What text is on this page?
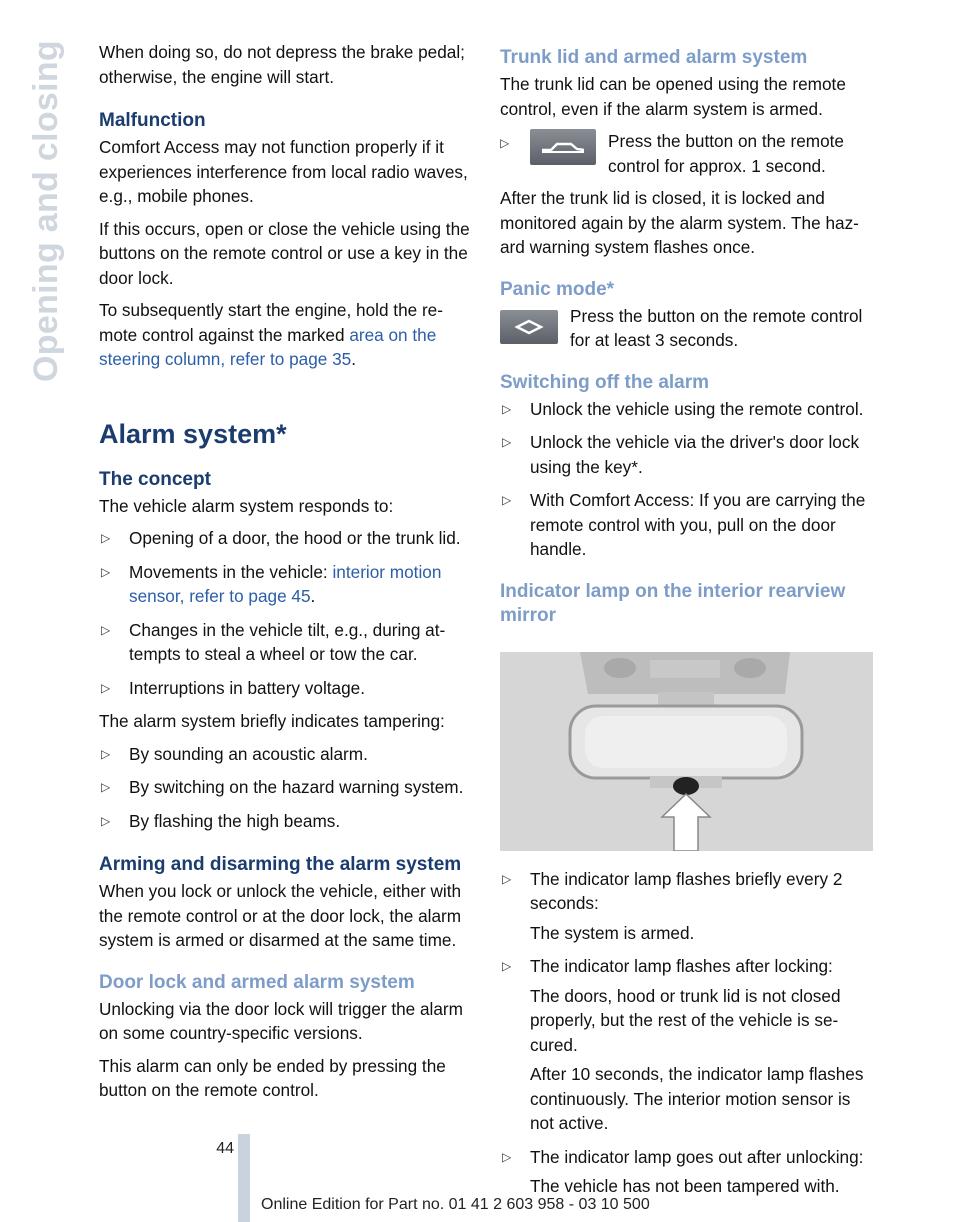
Opening and closing When doing so, do not depress the brake pedal; otherwise, the engine will start.

Malfunction

Comfort Access may not function properly if it experiences interference from local radio waves, e.g., mobile phones.

If this occurs, open or close the vehicle using the buttons on the remote control or use a key in the door lock.

To subsequently start the engine, hold the re-mote control against the marked area on the steering column, refer to page 35.

Alarm system*
The concept

The vehicle alarm system responds to:

▷ Opening of a door, the hood or the trunk lid.
▷ Movements in the vehicle: interior motion sensor, refer to page 45.
▷ Changes in the vehicle tilt, e.g., during at-tempts to steal a wheel or tow the car.
▷ Interruptions in battery voltage.

The alarm system briefly indicates tampering:

▷ By sounding an acoustic alarm.
▷ By switching on the hazard warning system.
▷ By flashing the high beams.
Arming and disarming the alarm system

When you lock or unlock the vehicle, either with the remote control or at the door lock, the alarm system is armed or disarmed at the same time.

Door lock and armed alarm system

Unlocking via the door lock will trigger the alarm on some country-specific versions.

This alarm can only be ended by pressing the button on the remote control.

Trunk lid and armed alarm system

The trunk lid can be opened using the remote control, even if the alarm system is armed.

▷	Press the button on the remote control for approx. 1 second.

After the trunk lid is closed, it is locked and monitored again by the alarm system. The haz-ard warning system flashes once.

Panic mode*
Press the button on the remote control for at least 3 seconds.
Switching off the alarm
▷ Unlock the vehicle using the remote control.
▷ Unlock the vehicle via the driver's door lock using the key*.
▷ With Comfort Access: If you are carrying the remote control with you, pull on the door handle.
Indicator lamp on the interior rearview mirror
▷ The indicator lamp flashes briefly every 2 seconds:

The system is armed.

▷ The indicator lamp flashes after locking:

The doors, hood or trunk lid is not closed properly, but the rest of the vehicle is se-cured.

After 10 seconds, the indicator lamp flashes continuously. The interior motion sensor is not active.

▷ The indicator lamp goes out after unlocking:

The vehicle has not been tampered with.

44
Online Edition for Part no. 01 41 2 603 958 - 03 10 500
